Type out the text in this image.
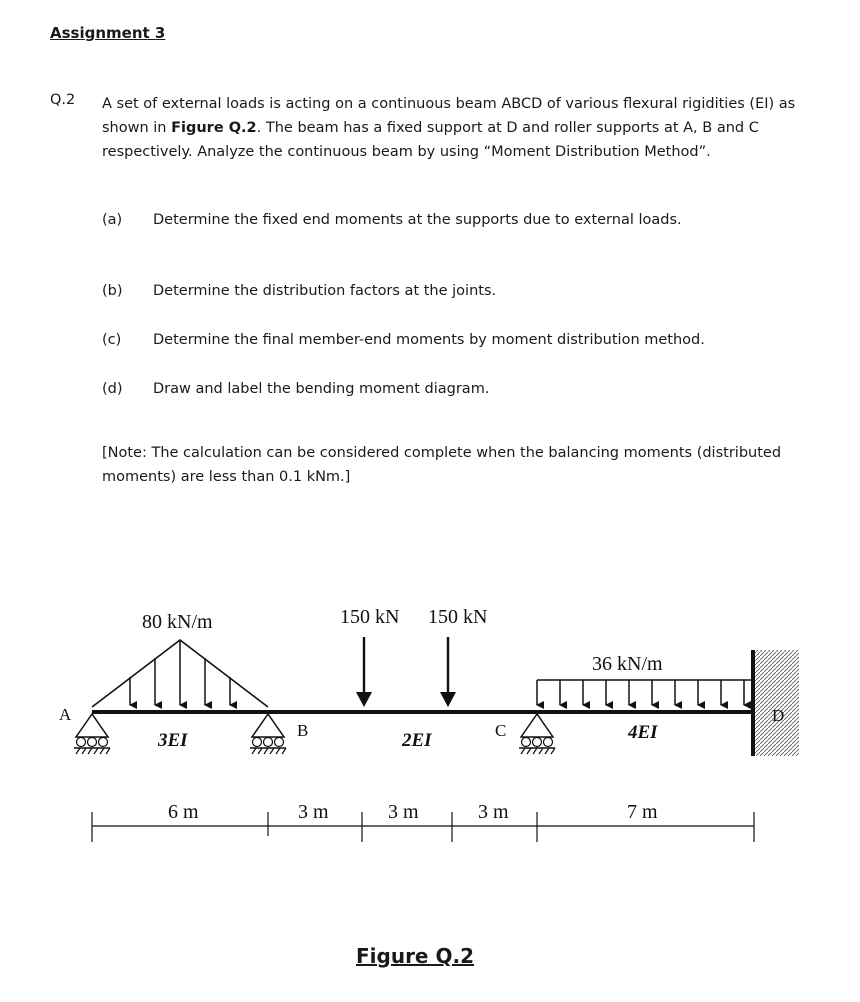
Assignment 3
Q.2 A set of external loads is acting on a continuous beam ABCD of various flexural rigidities (EI) as shown in Figure Q.2. The beam has a fixed support at D and roller supports at A, B and C respectively. Analyze the continuous beam by using “Moment Distribution Method”.
(a) Determine the fixed end moments at the supports due to external loads.
(b) Determine the distribution factors at the joints.
(c) Determine the final member-end moments by moment distribution method.
(d) Draw and label the bending moment diagram.
[Note: The calculation can be considered complete when the balancing moments (distributed moments) are less than 0.1 kNm.]
80 kN/m	150 kN 150 kN
36 kN/m
A
B	C
D
3EI	2EI	4EI
6 m	3 m	3 m	3 m	7 m
Figure Q.2
